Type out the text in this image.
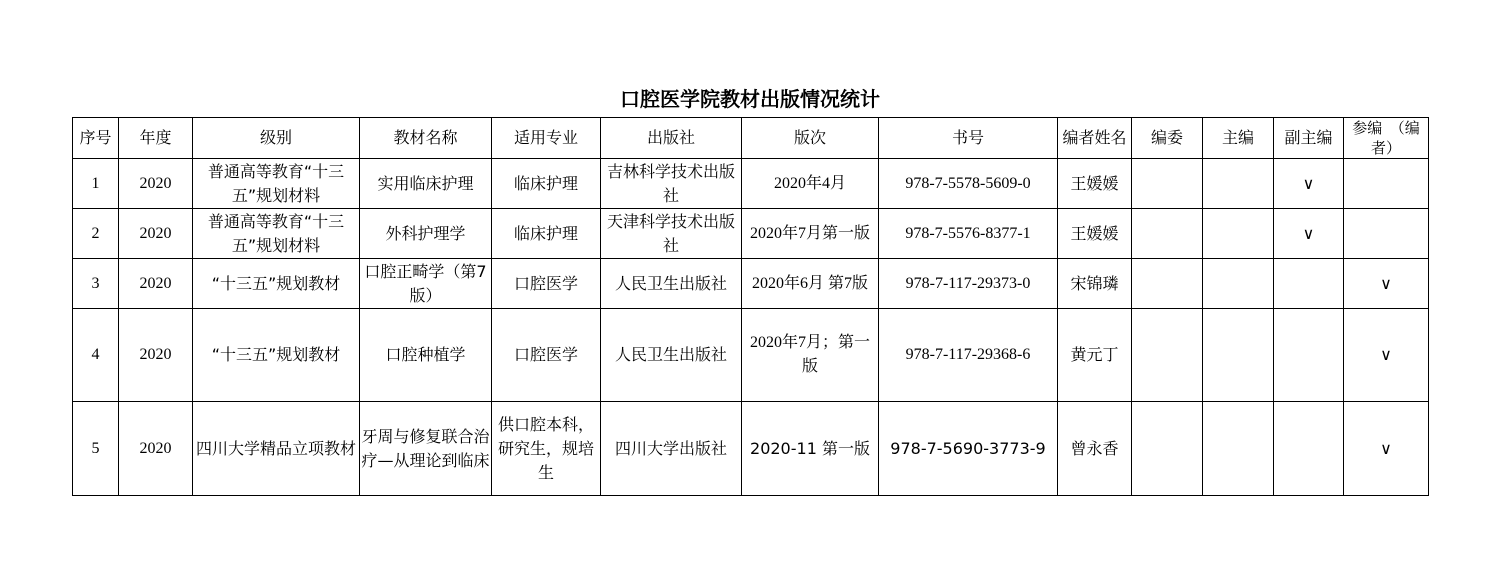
口腔医学院教材出版情况统计
序号	年度	级别	教材名称	适用专业	出版社	版次	书号	编者姓名	编委	主编	副主编	参编　（编者）
1	2020	普通高等教育“十三五”规划材料	实用临床护理	临床护理	吉林科学技术出版社	2020年4月	978-7-5578-5609-0	王媛媛			∨	
2	2020	普通高等教育“十三五”规划材料	外科护理学	临床护理	天津科学技术出版社	2020年7月第一版	978-7-5576-8377-1	王媛媛			∨	
3	2020	“十三五”规划教材	口腔正畸学（第7版）	口腔医学	人民卫生出版社	2020年6月 第7版	978-7-117-29373-0	宋锦璘				∨
4	2020	“十三五”规划教材	口腔种植学	口腔医学	人民卫生出版社	2020年7月；第一版	978-7-117-29368-6	黄元丁				∨
5	2020	四川大学精品立项教材	牙周与修复联合治疗—从理论到临床	供口腔本科，研究生，规培生	四川大学出版社	2020-11 第一版	978-7-5690-3773-9	曾永香				∨
